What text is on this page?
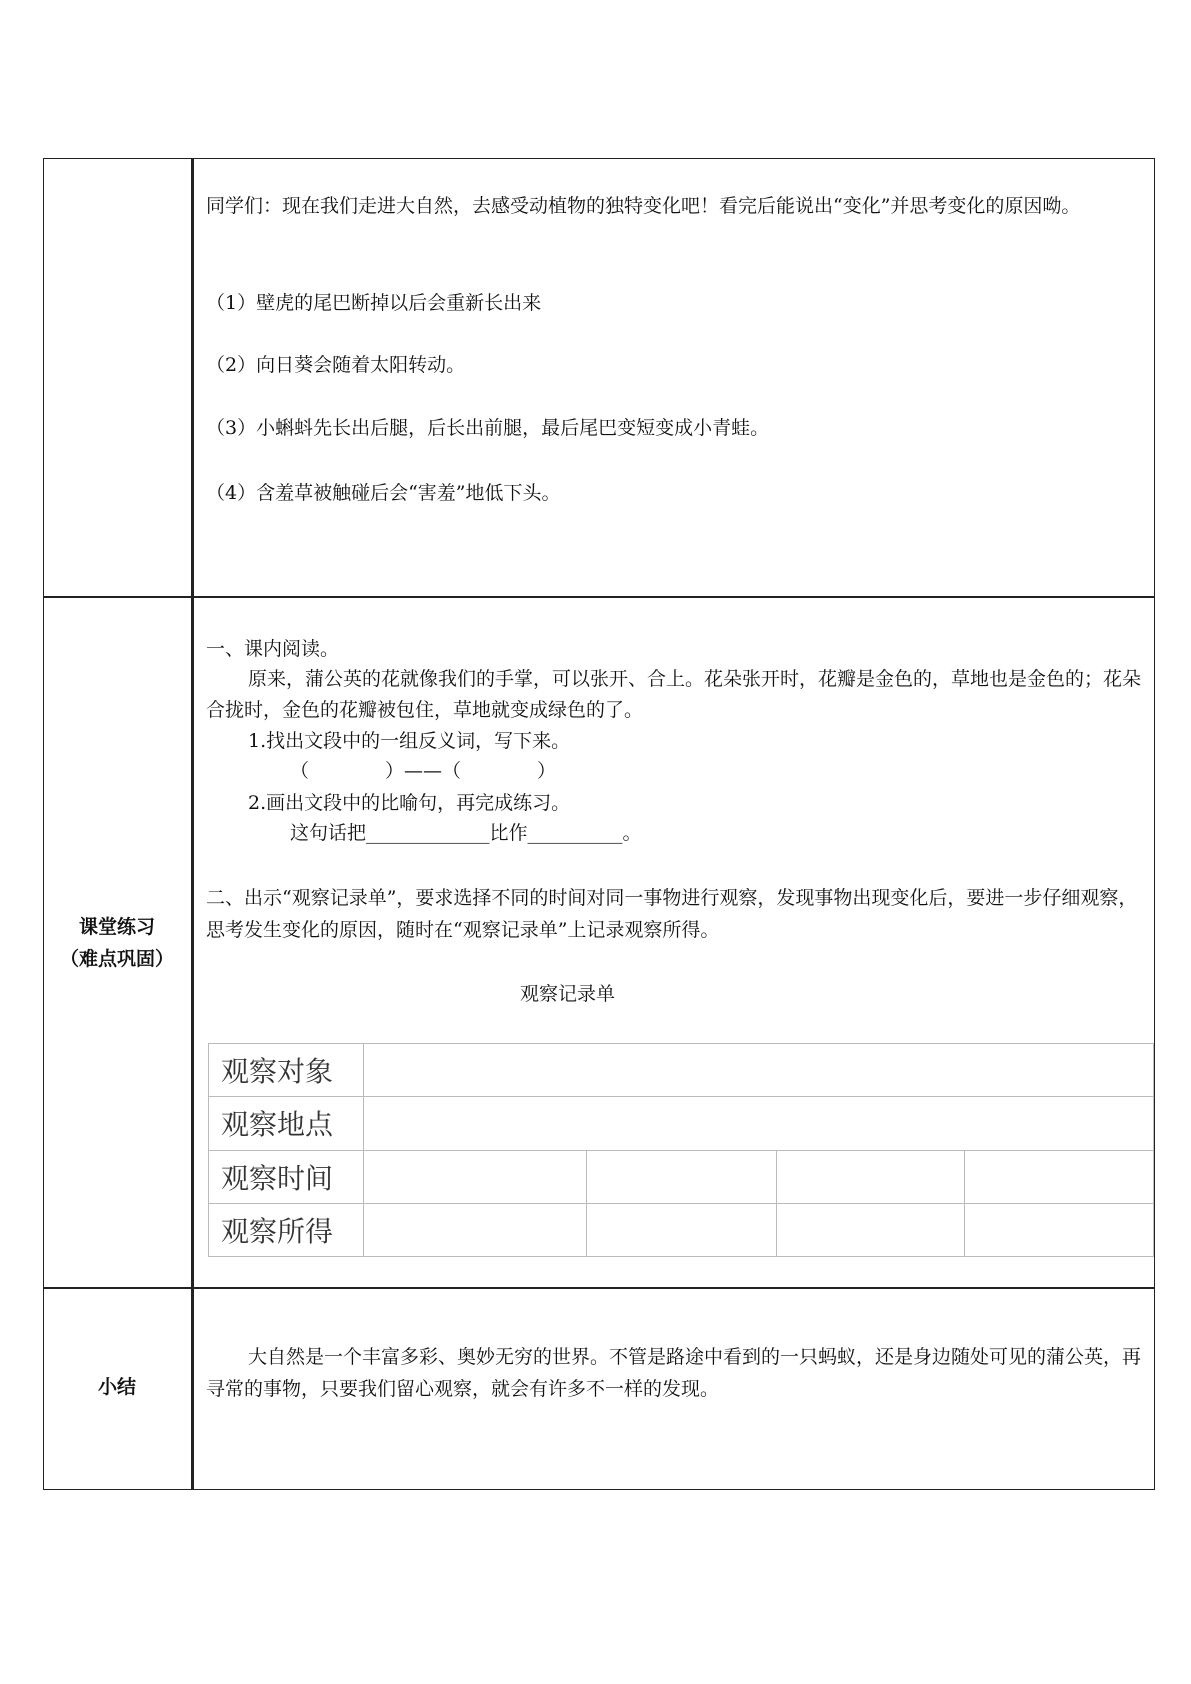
同学们：现在我们走进大自然，去感受动植物的独特变化吧！看完后能说出“变化”并思考变化的原因呦。
（1）壁虎的尾巴断掉以后会重新长出来
（2）向日葵会随着太阳转动。
（3）小蝌蚪先长出后腿，后长出前腿，最后尾巴变短变成小青蛙。
（4）含羞草被触碰后会“害羞”地低下头。
课堂练习
（难点巩固）
一、课内阅读。
原来，蒲公英的花就像我们的手掌，可以张开、合上。花朵张开时，花瓣是金色的，草地也是金色的；花朵合拢时，金色的花瓣被包住，草地就变成绿色的了。
1.找出文段中的一组反义词，写下来。
（　　　　）——（　　　　）
2.画出文段中的比喻句，再完成练习。
这句话把_____________比作__________。
二、出示“观察记录单”，要求选择不同的时间对同一事物进行观察，发现事物出现变化后，要进一步仔细观察，思考发生变化的原因，随时在“观察记录单”上记录观察所得。
观察记录单
观察对象				
观察地点				
观察时间				
观察所得				
小结
大自然是一个丰富多彩、奥妙无穷的世界。不管是路途中看到的一只蚂蚁，还是身边随处可见的蒲公英，再寻常的事物，只要我们留心观察，就会有许多不一样的发现。
